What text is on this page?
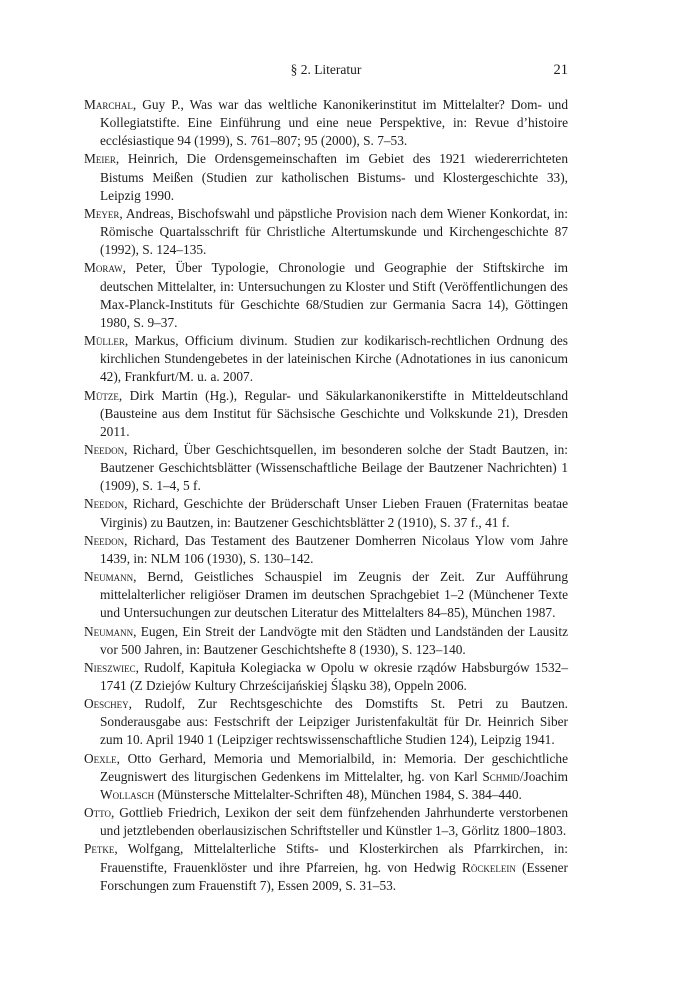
§ 2. Literatur	21

Marchal, Guy P., Was war das weltliche Kanonikerinstitut im Mittelalter? Dom- und Kollegiatstifte. Eine Einführung und eine neue Perspektive, in: Revue d’histoire ecclésiastique 94 (1999), S. 761–807; 95 (2000), S. 7–53.

Meier, Heinrich, Die Ordensgemeinschaften im Gebiet des 1921 wiedererrichteten Bistums Meißen (Studien zur katholischen Bistums- und Klostergeschichte 33), Leipzig 1990.

Meyer, Andreas, Bischofswahl und päpstliche Provision nach dem Wiener Konkordat, in: Römische Quartalsschrift für Christliche Altertumskunde und Kirchengeschichte 87 (1992), S. 124–135.

Moraw, Peter, Über Typologie, Chronologie und Geographie der Stiftskirche im deutschen Mittelalter, in: Untersuchungen zu Kloster und Stift (Veröffentlichungen des Max-Planck-Instituts für Geschichte 68/Studien zur Germania Sacra 14), Göttingen 1980, S. 9–37.

Müller, Markus, Officium divinum. Studien zur kodikarisch-rechtlichen Ordnung des kirchlichen Stundengebetes in der lateinischen Kirche (Adnotationes in ius canonicum 42), Frankfurt/M. u. a. 2007.

Mütze, Dirk Martin (Hg.), Regular- und Säkularkanonikerstifte in Mitteldeutschland (Bausteine aus dem Institut für Sächsische Geschichte und Volkskunde 21), Dresden 2011.

Needon, Richard, Über Geschichtsquellen, im besonderen solche der Stadt Bautzen, in: Bautzener Geschichtsblätter (Wissenschaftliche Beilage der Bautzener Nachrichten) 1 (1909), S. 1–4, 5 f.

Needon, Richard, Geschichte der Brüderschaft Unser Lieben Frauen (Fraternitas beatae Virginis) zu Bautzen, in: Bautzener Geschichtsblätter 2 (1910), S. 37 f., 41 f.

Needon, Richard, Das Testament des Bautzener Domherren Nicolaus Ylow vom Jahre 1439, in: NLM 106 (1930), S. 130–142.

Neumann, Bernd, Geistliches Schauspiel im Zeugnis der Zeit. Zur Aufführung mittelalterlicher religiöser Dramen im deutschen Sprachgebiet 1–2 (Münchener Texte und Untersuchungen zur deutschen Literatur des Mittelalters 84–85), München 1987.

Neumann, Eugen, Ein Streit der Landvögte mit den Städten und Landständen der Lausitz vor 500 Jahren, in: Bautzener Geschichtshefte 8 (1930), S. 123–140.

Nieszwiec, Rudolf, Kapituła Kolegiacka w Opolu w okresie rządów Habsburgów 1532–1741 (Z Dziejów Kultury Chrześcijańskiej Śląsku 38), Oppeln 2006.

Oeschey, Rudolf, Zur Rechtsgeschichte des Domstifts St. Petri zu Bautzen. Sonderausgabe aus: Festschrift der Leipziger Juristenfakultät für Dr. Heinrich Siber zum 10. April 1940 1 (Leipziger rechtswissenschaftliche Studien 124), Leipzig 1941.

Oexle, Otto Gerhard, Memoria und Memorialbild, in: Memoria. Der geschichtliche Zeugniswert des liturgischen Gedenkens im Mittelalter, hg. von Karl Schmid/Joachim Wollasch (Münstersche Mittelalter-Schriften 48), München 1984, S. 384–440.

Otto, Gottlieb Friedrich, Lexikon der seit dem fünfzehenden Jahrhunderte verstorbenen und jetztlebenden oberlausizischen Schriftsteller und Künstler 1–3, Görlitz 1800–1803.

Petke, Wolfgang, Mittelalterliche Stifts- und Klosterkirchen als Pfarrkirchen, in: Frauenstifte, Frauenklöster und ihre Pfarreien, hg. von Hedwig Röckelein (Essener Forschungen zum Frauenstift 7), Essen 2009, S. 31–53.
